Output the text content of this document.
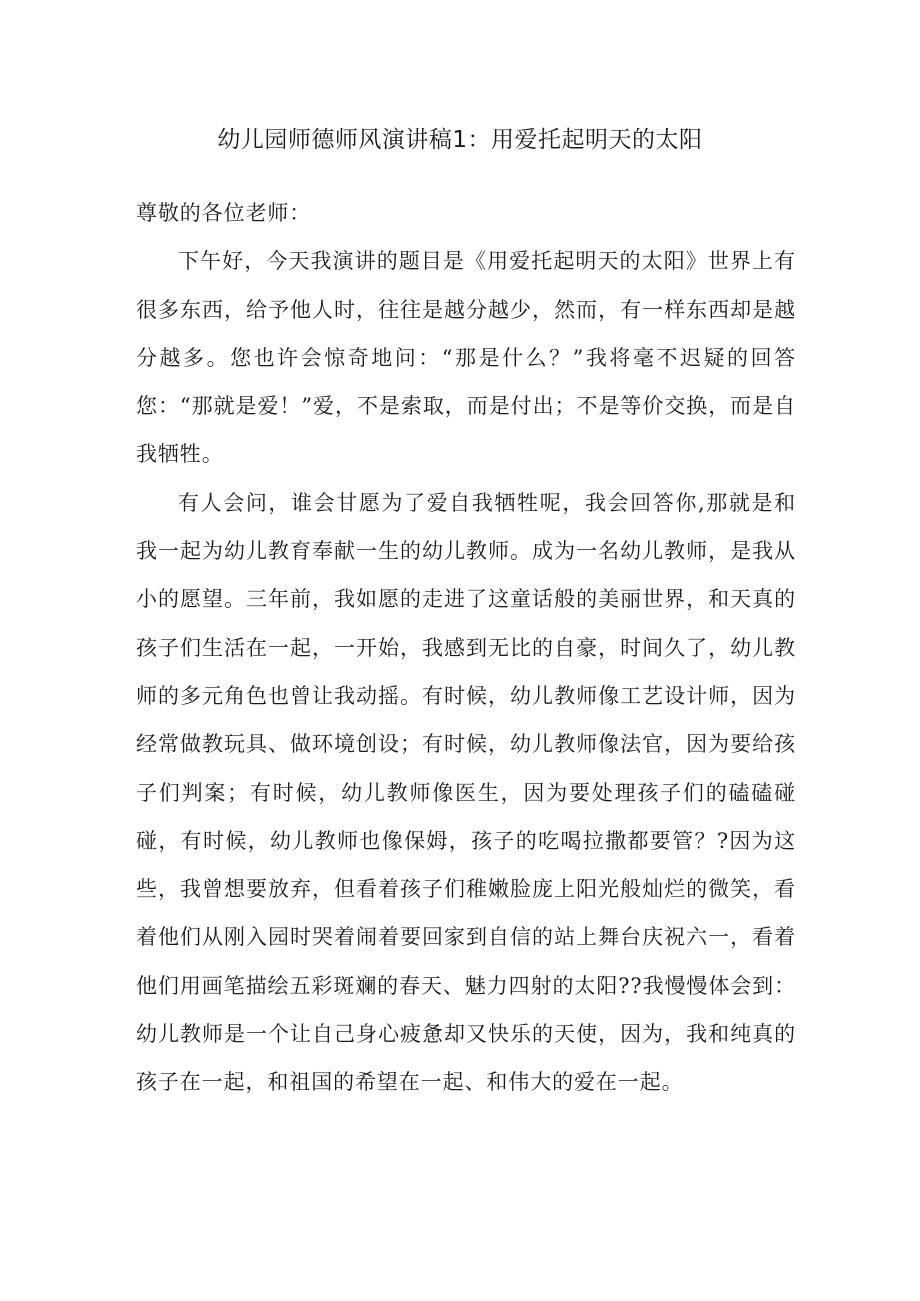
幼儿园师德师风演讲稿1：用爱托起明天的太阳

尊敬的各位老师：

下午好，今天我演讲的题目是《用爱托起明天的太阳》世界上有很多东西，给予他人时，往往是越分越少，然而，有一样东西却是越分越多。您也许会惊奇地问：“那是什么？”我将毫不迟疑的回答您：“那就是爱！”爱，不是索取，而是付出；不是等价交换，而是自我牺牲。

有人会问，谁会甘愿为了爱自我牺牲呢，我会回答你,那就是和我一起为幼儿教育奉献一生的幼儿教师。成为一名幼儿教师，是我从小的愿望。三年前，我如愿的走进了这童话般的美丽世界，和天真的孩子们生活在一起，一开始，我感到无比的自豪，时间久了，幼儿教师的多元角色也曾让我动摇。有时候，幼儿教师像工艺设计师，因为经常做教玩具、做环境创设；有时候，幼儿教师像法官，因为要给孩子们判案；有时候，幼儿教师像医生，因为要处理孩子们的磕磕碰碰，有时候，幼儿教师也像保姆，孩子的吃喝拉撒都要管？?因为这些，我曾想要放弃，但看着孩子们稚嫩脸庞上阳光般灿烂的微笑，看着他们从刚入园时哭着闹着要回家到自信的站上舞台庆祝六一，看着他们用画笔描绘五彩斑斓的春天、魅力四射的太阳??我慢慢体会到：幼儿教师是一个让自己身心疲惫却又快乐的天使，因为，我和纯真的孩子在一起，和祖国的希望在一起、和伟大的爱在一起。
